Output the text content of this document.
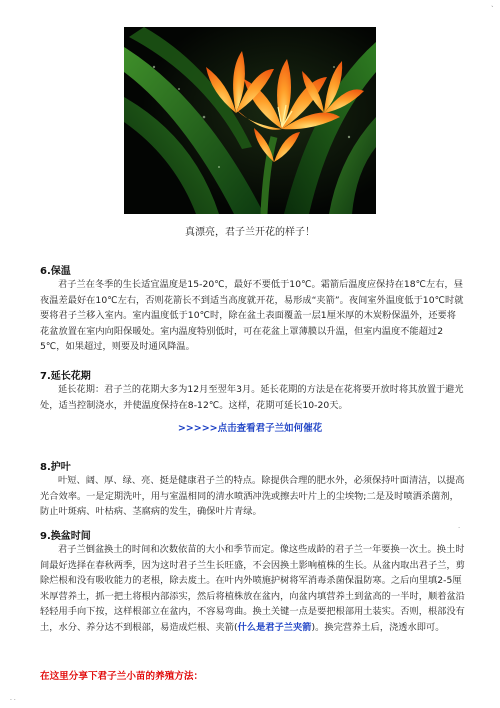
真漂亮，君子兰开花的样子！
6.保温

君子兰在冬季的生长适宜温度是15-20℃，最好不要低于10℃。霜箭后温度应保持在18℃左右，昼夜温差最好在10℃左右，否则花箭长不到适当高度就开花，易形成“夹箭”。夜间室外温度低于10℃时就要将君子兰移入室内。室内温度低于10℃时，除在盆土表面覆盖一层1厘米厚的木炭粉保温外，还要将花盆放置在室内向阳保暖处。室内温度特别低时，可在花盆上罩薄膜以升温，但室内温度不能超过25℃，如果超过，则要及时通风降温。

7.延长花期

延长花期：君子兰的花期大多为12月至翌年3月。延长花期的方法是在花将要开放时将其放置于避光处，适当控制浇水，并使温度保持在8-12℃。这样，花期可延长10-20天。

>>>>>点击查看君子兰如何催花
8.护叶

叶短、阔、厚、绿、亮、挺是健康君子兰的特点。除提供合理的肥水外，必须保持叶面清洁，以提高光合效率。一是定期洗叶，用与室温相同的清水喷洒冲洗或擦去叶片上的尘埃物;二是及时喷洒杀菌剂，防止叶斑病、叶枯病、茎腐病的发生，确保叶片青绿。

9.换盆时间

君子兰倒盆换土的时间和次数依苗的大小和季节而定。像这些成龄的君子兰一年要换一次土。换土时间最好选择在春秋两季，因为这时君子兰生长旺盛，不会因换土影响植株的生长。从盆内取出君子兰，剪除烂根和没有吸收能力的老根，除去废土。在叶内外喷施护树将军消毒杀菌保温防寒。之后向里填2-5厘米厚营养土，抓一把土将根内部添实，然后将植株放在盆内，向盆内填营养土到盆高的一半时，顺着盆沿轻轻用手向下按，这样根部立在盆内，不容易弯曲。换土关键一点是要把根部用土装实。否则，根部没有土，水分、养分达不到根部，易造成烂根、夹箭(什么是君子兰夹箭)。换完营养土后，浇透水即可。

在这里分享下君子兰小苗的养殖方法：
`
. .
.
